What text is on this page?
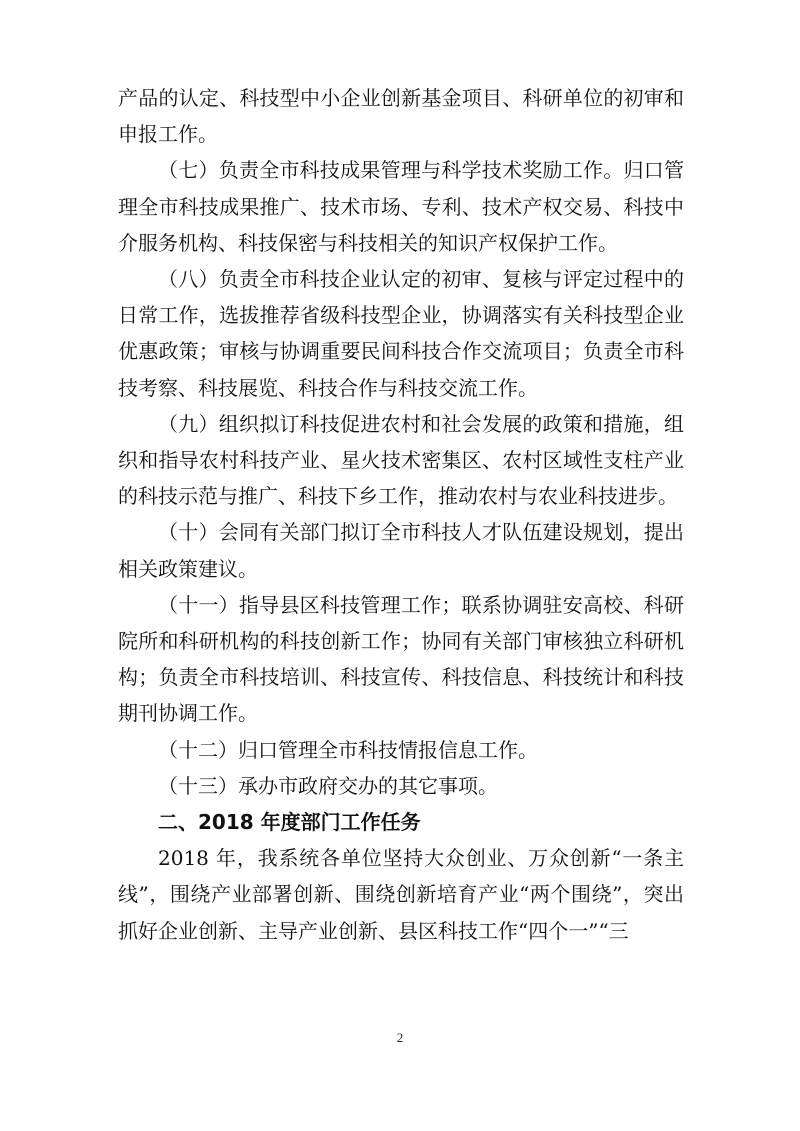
产品的认定、科技型中小企业创新基金项目、科研单位的初审和申报工作。

（七）负责全市科技成果管理与科学技术奖励工作。归口管理全市科技成果推广、技术市场、专利、技术产权交易、科技中介服务机构、科技保密与科技相关的知识产权保护工作。

（八）负责全市科技企业认定的初审、复核与评定过程中的日常工作，选拔推荐省级科技型企业，协调落实有关科技型企业优惠政策；审核与协调重要民间科技合作交流项目；负责全市科技考察、科技展览、科技合作与科技交流工作。

（九）组织拟订科技促进农村和社会发展的政策和措施，组织和指导农村科技产业、星火技术密集区、农村区域性支柱产业的科技示范与推广、科技下乡工作，推动农村与农业科技进步。

（十）会同有关部门拟订全市科技人才队伍建设规划，提出相关政策建议。

（十一）指导县区科技管理工作；联系协调驻安高校、科研院所和科研机构的科技创新工作；协同有关部门审核独立科研机构；负责全市科技培训、科技宣传、科技信息、科技统计和科技期刊协调工作。

（十二）归口管理全市科技情报信息工作。

（十三）承办市政府交办的其它事项。

二、2018 年度部门工作任务

2018 年，我系统各单位坚持大众创业、万众创新“一条主线”，围绕产业部署创新、围绕创新培育产业“两个围绕”，突出抓好企业创新、主导产业创新、县区科技工作“四个一”“三

2
